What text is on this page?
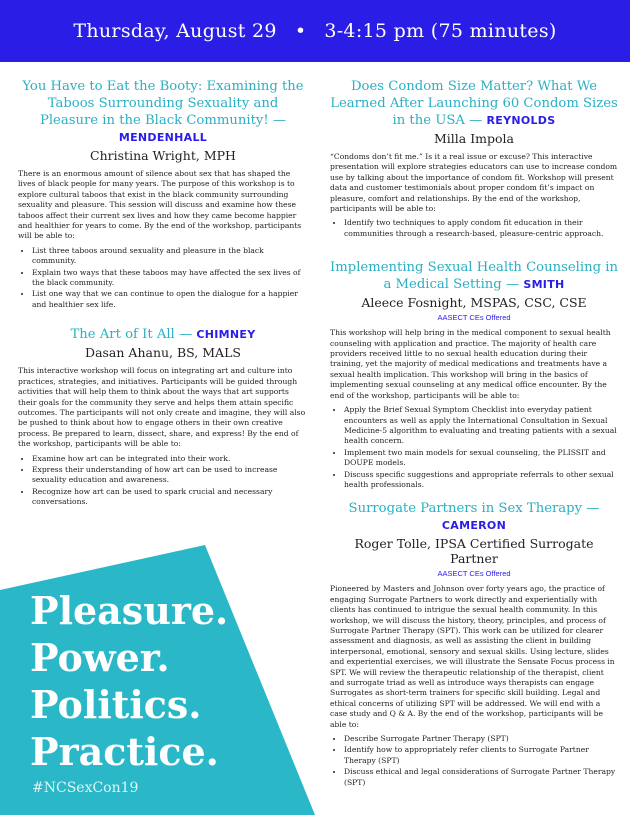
Thursday, August 29 • 3-4:15 pm (75 minutes)
You Have to Eat the Booty: Examining the Taboos Surrounding Sexuality and Pleasure in the Black Community! — MENDENHALL
Christina Wright, MPH
There is an enormous amount of silence about sex that has shaped the lives of black people for many years. The purpose of this workshop is to explore cultural taboos that exist in the black community surrounding sexuality and pleasure. This session will discuss and examine how these taboos affect their current sex lives and how they came become happier and healthier for years to come. By the end of the workshop, participants will be able to:
• List three taboos around sexuality and pleasure in the black community.
• Explain two ways that these taboos may have affected the sex lives of the black community.
• List one way that we can continue to open the dialogue for a happier and healthier sex life.
The Art of It All — CHIMNEY
Dasan Ahanu, BS, MALS
This interactive workshop will focus on integrating art and culture into practices, strategies, and initiatives. Participants will be guided through activities that will help them to think about the ways that art supports their goals for the community they serve and helps them attain specific outcomes. The participants will not only create and imagine, they will also be pushed to think about how to engage others in their own creative process. Be prepared to learn, dissect, share, and express! By the end of the workshop, participants will be able to:
• Examine how art can be integrated into their work.
• Express their understanding of how art can be used to increase sexuality education and awareness.
• Recognize how art can be used to spark crucial and necessary conversations.
Does Condom Size Matter? What We Learned After Launching 60 Condom Sizes in the USA — REYNOLDS
Milla Impola
“Condoms don’t fit me.” Is it a real issue or excuse? This interactive presentation will explore strategies educators can use to increase condom use by talking about the importance of condom fit. Workshop will present data and customer testimonials about proper condom fit’s impact on pleasure, comfort and relationships. By the end of the workshop, participants will be able to:
• Identify two techniques to apply condom fit education in their communities through a research-based, pleasure-centric approach.
Implementing Sexual Health Counseling in a Medical Setting — SMITH
Aleece Fosnight, MSPAS, CSC, CSE
AASECT CEs Offered
This workshop will help bring in the medical component to sexual health counseling with application and practice. The majority of health care providers received little to no sexual health education during their training, yet the majority of medical medications and treatments have a sexual health implication. This workshop will bring in the basics of implementing sexual counseling at any medical office encounter. By the end of the workshop, participants will be able to:
• Apply the Brief Sexual Symptom Checklist into everyday patient encounters as well as apply the International Consultation in Sexual Medicine-5 algorithm to evaluating and treating patients with a sexual health concern.
• Implement two main models for sexual counseling, the PLISSIT and DOUPE models.
• Discuss specific suggestions and appropriate referrals to other sexual health professionals.
Surrogate Partners in Sex Therapy — CAMERON
Roger Tolle, IPSA Certified Surrogate Partner
AASECT CEs Offered
Pioneered by Masters and Johnson over forty years ago, the practice of engaging Surrogate Partners to work directly and experientially with clients has continued to intrigue the sexual health community. In this workshop, we will discuss the history, theory, principles, and process of Surrogate Partner Therapy (SPT). This work can be utilized for clearer assessment and diagnosis, as well as assisting the client in building interpersonal, emotional, sensory and sexual skills. Using lecture, slides and experiential exercises, we will illustrate the Sensate Focus process in SPT. We will review the therapeutic relationship of the therapist, client and surrogate triad as well as introduce ways therapists can engage Surrogates as short-term trainers for specific skill building. Legal and ethical concerns of utilizing SPT will be addressed. We will end with a case study and Q & A. By the end of the workshop, participants will be able to:
• Describe Surrogate Partner Therapy (SPT)
• Identify how to appropriately refer clients to Surrogate Partner Therapy (SPT)
• Discuss ethical and legal considerations of Surrogate Partner Therapy (SPT)
Pleasure.
Power.
Politics.
Practice.
#NCSexCon19
